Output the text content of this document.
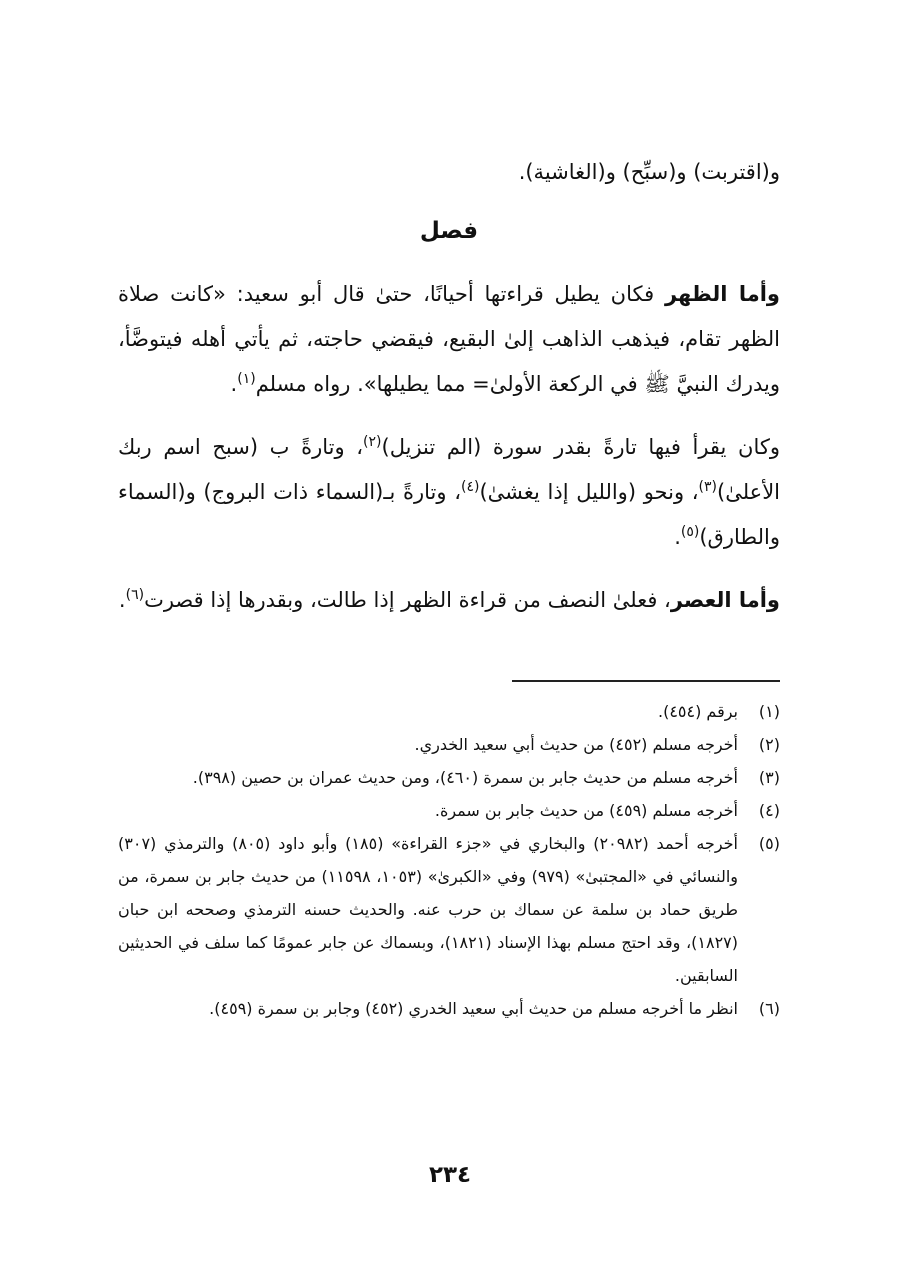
و(اقتربت) و(سبِّح) و(الغاشية).

فصل

وأما الظهر فكان يطيل قراءتها أحيانًا، حتىٰ قال أبو سعيد: «كانت صلاة الظهر تقام، فيذهب الذاهب إلىٰ البقيع، فيقضي حاجته، ثم يأتي أهله فيتوضَّأ، ويدرك النبيَّ ﷺ في الركعة الأولىٰ= مما يطيلها». رواه مسلم$^{(١)}$.

وكان يقرأ فيها تارةً بقدر سورة (الم تنزيل)$^{(٢)}$، وتارةً ب (سبح اسم ربك الأعلىٰ)$^{(٣)}$، ونحو (والليل إذا يغشىٰ)$^{(٤)}$، وتارةً بـ(السماء ذات البروج) و(السماء والطارق)$^{(٥)}$.

وأما العصر، فعلىٰ النصف من قراءة الظهر إذا طالت، وبقدرها إذا قصرت$^{(٦)}$.

(١)
برقم (٤٥٤).
(٢)
أخرجه مسلم (٤٥٢) من حديث أبي سعيد الخدري.
(٣)
أخرجه مسلم من حديث جابر بن سمرة (٤٦٠)، ومن حديث عمران بن حصين (٣٩٨).
(٤)
أخرجه مسلم (٤٥٩) من حديث جابر بن سمرة.
(٥)
أخرجه أحمد (٢٠٩٨٢) والبخاري في «جزء القراءة» (١٨٥) وأبو داود (٨٠٥) والترمذي (٣٠٧) والنسائي في «المجتبىٰ» (٩٧٩) وفي «الكبرىٰ» (١٠٥٣، ١١٥٩٨) من حديث جابر بن سمرة، من طريق حماد بن سلمة عن سماك بن حرب عنه. والحديث حسنه الترمذي وصححه ابن حبان (١٨٢٧)، وقد احتج مسلم بهذا الإسناد (١٨٢١)، وبسماك عن جابر عمومًا كما سلف في الحديثين السابقين.
(٦)
انظر ما أخرجه مسلم من حديث أبي سعيد الخدري (٤٥٢) وجابر بن سمرة (٤٥٩).
٢٣٤
